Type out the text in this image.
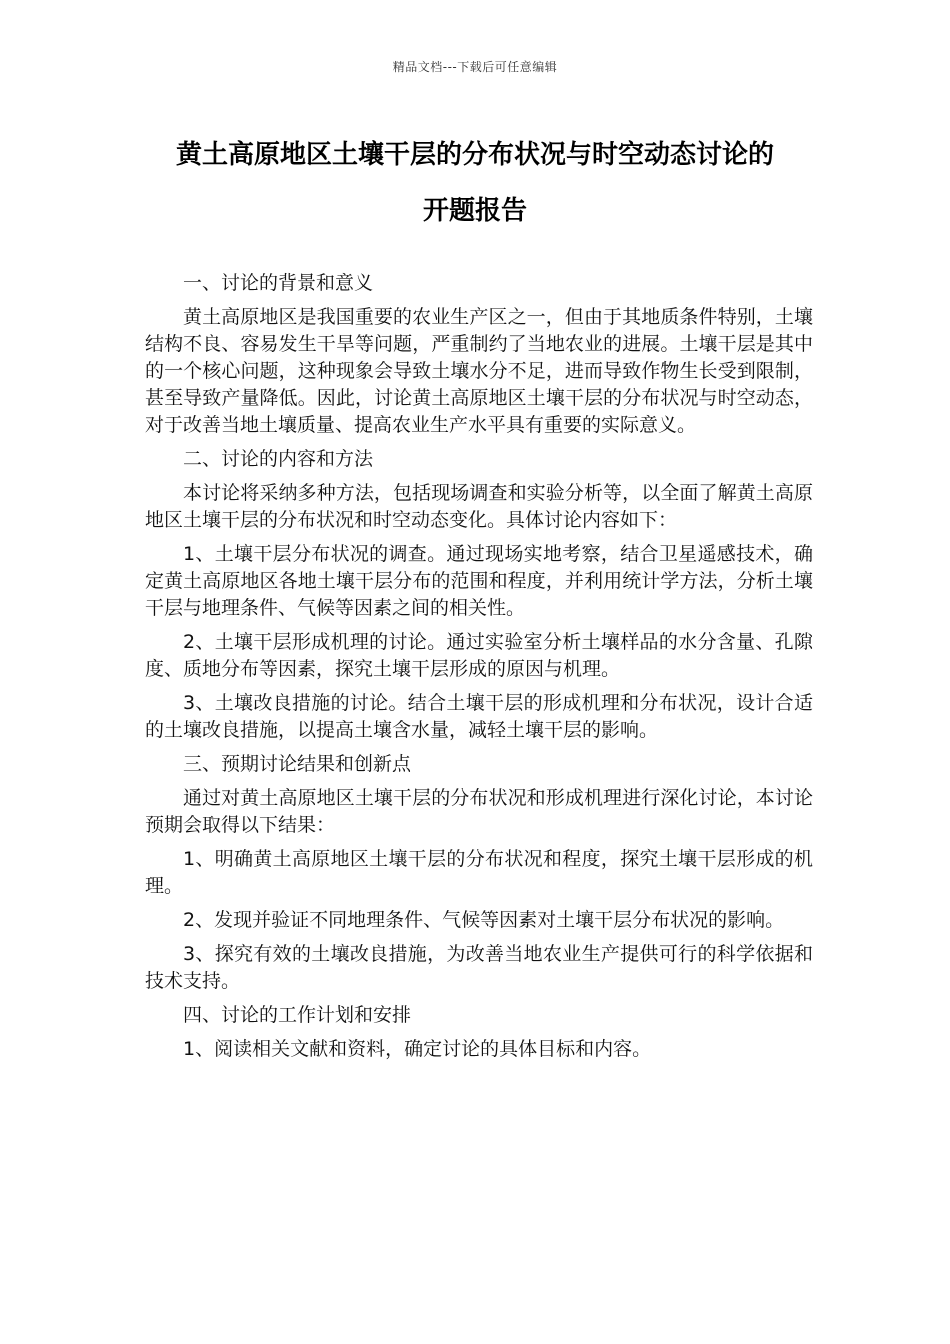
精品文档---下载后可任意编辑
黄土高原地区土壤干层的分布状况与时空动态讨论的
开题报告

一、讨论的背景和意义

黄土高原地区是我国重要的农业生产区之一，但由于其地质条件特别，土壤结构不良、容易发生干旱等问题，严重制约了当地农业的进展。土壤干层是其中的一个核心问题，这种现象会导致土壤水分不足，进而导致作物生长受到限制，甚至导致产量降低。因此，讨论黄土高原地区土壤干层的分布状况与时空动态，对于改善当地土壤质量、提高农业生产水平具有重要的实际意义。

二、讨论的内容和方法

本讨论将采纳多种方法，包括现场调查和实验分析等，以全面了解黄土高原地区土壤干层的分布状况和时空动态变化。具体讨论内容如下：

1、土壤干层分布状况的调查。通过现场实地考察，结合卫星遥感技术，确定黄土高原地区各地土壤干层分布的范围和程度，并利用统计学方法，分析土壤干层与地理条件、气候等因素之间的相关性。

2、土壤干层形成机理的讨论。通过实验室分析土壤样品的水分含量、孔隙度、质地分布等因素，探究土壤干层形成的原因与机理。

3、土壤改良措施的讨论。结合土壤干层的形成机理和分布状况，设计合适的土壤改良措施，以提高土壤含水量，减轻土壤干层的影响。

三、预期讨论结果和创新点

通过对黄土高原地区土壤干层的分布状况和形成机理进行深化讨论，本讨论预期会取得以下结果：

1、明确黄土高原地区土壤干层的分布状况和程度，探究土壤干层形成的机理。

2、发现并验证不同地理条件、气候等因素对土壤干层分布状况的影响。

3、探究有效的土壤改良措施，为改善当地农业生产提供可行的科学依据和技术支持。

四、讨论的工作计划和安排

1、阅读相关文献和资料，确定讨论的具体目标和内容。
